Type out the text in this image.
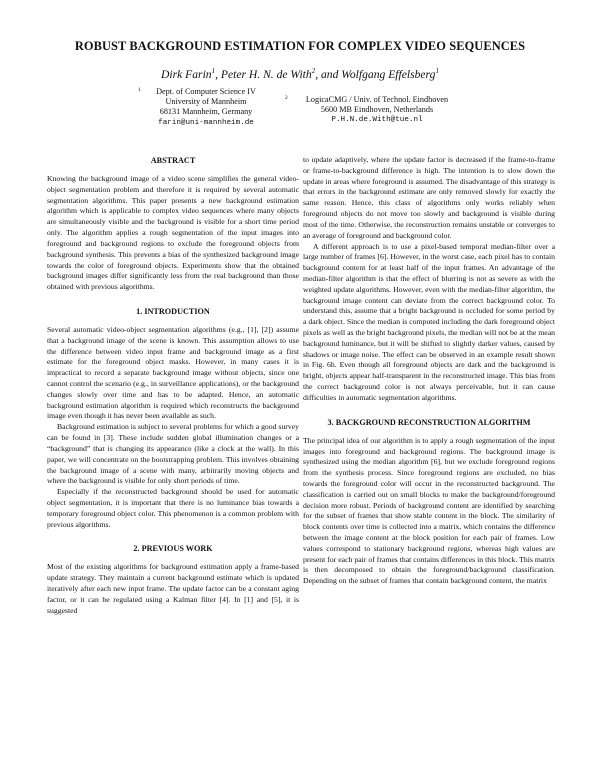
ROBUST BACKGROUND ESTIMATION FOR COMPLEX VIDEO SEQUENCES

Dirk Farin$^1$, Peter H. N. de With$^2$, and Wolfgang Effelsberg$^1$

1	Dept. of Computer Science IV
University of Mannheim
68131 Mannheim, Germany
farin@uni-mannheim.de
2	LogicaCMG / Univ. of Technol. Eindhoven
5600 MB Eindhoven, Netherlands
P.H.N.de.With@tue.nl
ABSTRACT

Knowing the background image of a video scene simplifies the general video-object segmentation problem and therefore it is required by several automatic segmentation algorithms. This paper presents a new background estimation algorithm which is applicable to complex video sequences where many objects are simultaneously visible and the background is visible for a short time period only. The algorithm applies a rough segmentation of the input images into foreground and background regions to exclude the foreground objects from background synthesis. This prevents a bias of the synthesized background image towards the color of foreground objects. Experiments show that the obtained background images differ significantly less from the real background than those obtained with previous algorithms.

1. INTRODUCTION

Several automatic video-object segmentation algorithms (e.g., [1], [2]) assume that a background image of the scene is known. This assumption allows to use the difference between video input frame and background image as a first estimate for the foreground object masks. However, in many cases it is impractical to record a separate background image without objects, since one cannot control the scenario (e.g., in surveillance applications), or the background changes slowly over time and has to be adapted. Hence, an automatic background estimation algorithm is required which reconstructs the background image even though it has never been available as such.

Background estimation is subject to several problems for which a good survey can be found in [3]. These include sudden global illumination changes or a “background” that is changing its appearance (like a clock at the wall). In this paper, we will concentrate on the bootstrapping problem. This involves obtaining the background image of a scene with many, arbitrarily moving objects and where the background is visible for only short periods of time.

Especially if the reconstructed background should be used for automatic object segmentation, it is important that there is no luminance bias towards a temporary foreground object color. This phenomenon is a common problem with previous algorithms.

2. PREVIOUS WORK

Most of the existing algorithms for background estimation apply a frame-based update strategy. They maintain a current background estimate which is updated iteratively after each new input frame. The update factor can be a constant aging factor, or it can be regulated using a Kalman filter [4]. In [1] and [5], it is suggested

to update adaptively, where the update factor is decreased if the frame-to-frame or frame-to-background difference is high. The intention is to slow down the update in areas where foreground is assumed. The disadvantage of this strategy is that errors in the background estimate are only removed slowly for exactly the same reason. Hence, this class of algorithms only works reliably when foreground objects do not move too slowly and background is visible during most of the time. Otherwise, the reconstruction remains unstable or converges to an average of foreground and background color.

A different approach is to use a pixel-based temporal median-filter over a large number of frames [6]. However, in the worst case, each pixel has to contain background content for at least half of the input frames. An advantage of the median-filter algorithm is that the effect of blurring is not as severe as with the weighted update algorithms. However, even with the median-filter algorithm, the background image content can deviate from the correct background color. To understand this, assume that a bright background is occluded for some period by a dark object. Since the median is computed including the dark foreground object pixels as well as the bright background pixels, the median will not be at the mean background luminance, but it will be shifted to slightly darker values, caused by shadows or image noise. The effect can be observed in an example result shown in Fig. 6h. Even though all foreground objects are dark and the background is bright, objects appear half-transparent in the reconstructed image. This bias from the correct background color is not always perceivable, but it can cause difficulties in automatic segmentation algorithms.

3. BACKGROUND RECONSTRUCTION ALGORITHM

The principal idea of our algorithm is to apply a rough segmentation of the input images into foreground and background regions. The background image is synthesized using the median algorithm [6], but we exclude foreground regions from the synthesis process. Since foreground regions are excluded, no bias towards the foreground color will occur in the reconstructed background. The classification is carried out on small blocks to make the background/foreground decision more robust. Periods of background content are identified by searching for the subset of frames that show stable content in the block. The similarity of block contents over time is collected into a matrix, which contains the difference between the image content at the block position for each pair of frames. Low values correspond to stationary background regions, whereas high values are present for each pair of frames that contains differences in this block. This matrix is then decomposed to obtain the foreground/background classification. Depending on the subset of frames that contain background content, the matrix
